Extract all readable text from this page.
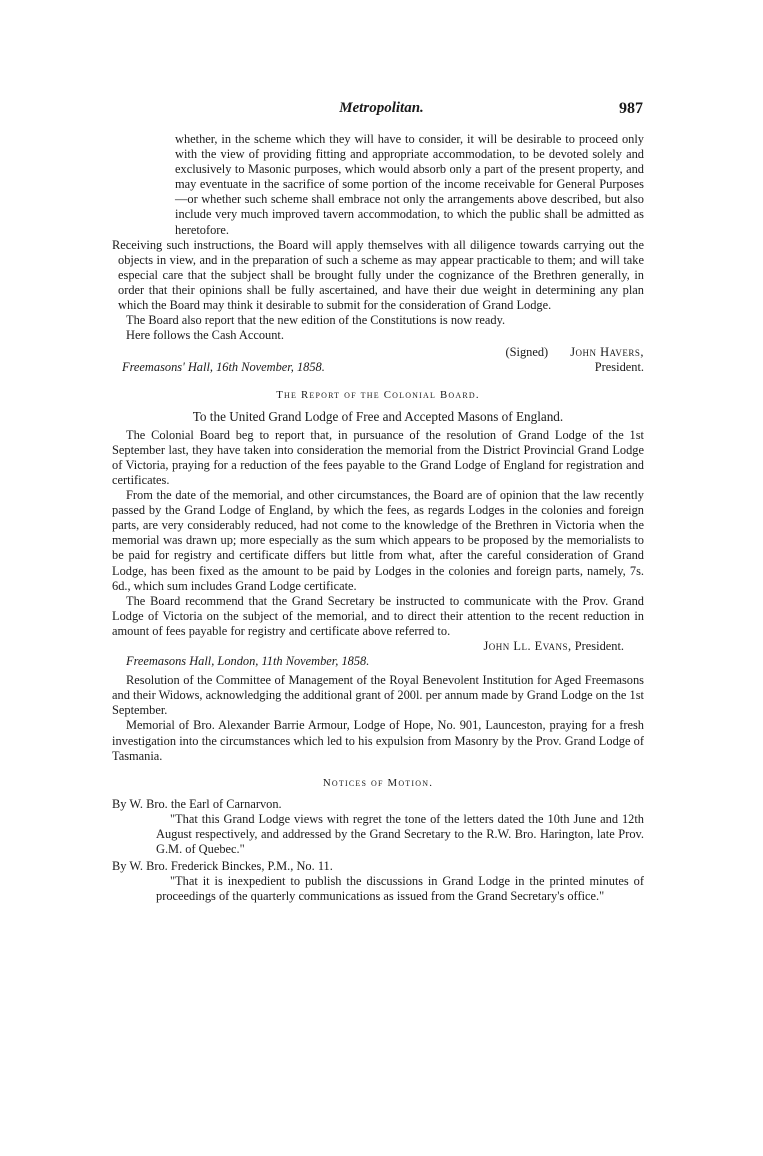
Metropolitan.	987

whether, in the scheme which they will have to consider, it will be desirable to proceed only with the view of providing fitting and appropriate accommodation, to be devoted solely and exclusively to Masonic purposes, which would absorb only a part of the present property, and may eventuate in the sacrifice of some portion of the income receivable for General Purposes—or whether such scheme shall embrace not only the arrangements above described, but also include very much improved tavern accommodation, to which the public shall be admitted as heretofore.

Receiving such instructions, the Board will apply themselves with all diligence towards carrying out the objects in view, and in the preparation of such a scheme as may appear practicable to them; and will take especial care that the subject shall be brought fully under the cognizance of the Brethren generally, in order that their opinions shall be fully ascertained, and have their due weight in determining any plan which the Board may think it desirable to submit for the consideration of Grand Lodge.

The Board also report that the new edition of the Constitutions is now ready.

Here follows the Cash Account.

(Signed) John Havers,
Freemasons' Hall, 16th November, 1858.	President.

The Report of the Colonial Board.

To the United Grand Lodge of Free and Accepted Masons of England.

The Colonial Board beg to report that, in pursuance of the resolution of Grand Lodge of the 1st September last, they have taken into consideration the memorial from the District Provincial Grand Lodge of Victoria, praying for a reduction of the fees payable to the Grand Lodge of England for registration and certificates.

From the date of the memorial, and other circumstances, the Board are of opinion that the law recently passed by the Grand Lodge of England, by which the fees, as regards Lodges in the colonies and foreign parts, are very considerably reduced, had not come to the knowledge of the Brethren in Victoria when the memorial was drawn up; more especially as the sum which appears to be proposed by the memorialists to be paid for registry and certificate differs but little from what, after the careful consideration of Grand Lodge, has been fixed as the amount to be paid by Lodges in the colonies and foreign parts, namely, 7s. 6d., which sum includes Grand Lodge certificate.

The Board recommend that the Grand Secretary be instructed to communicate with the Prov. Grand Lodge of Victoria on the subject of the memorial, and to direct their attention to the recent reduction in amount of fees payable for registry and certificate above referred to.

John Ll. Evans, President.

Freemasons Hall, London, 11th November, 1858.

Resolution of the Committee of Management of the Royal Benevolent Institution for Aged Freemasons and their Widows, acknowledging the additional grant of 200l. per annum made by Grand Lodge on the 1st September.

Memorial of Bro. Alexander Barrie Armour, Lodge of Hope, No. 901, Launceston, praying for a fresh investigation into the circumstances which led to his expulsion from Masonry by the Prov. Grand Lodge of Tasmania.

Notices of Motion.

By W. Bro. the Earl of Carnarvon.

"That this Grand Lodge views with regret the tone of the letters dated the 10th June and 12th August respectively, and addressed by the Grand Secretary to the R.W. Bro. Harington, late Prov. G.M. of Quebec."

By W. Bro. Frederick Binckes, P.M., No. 11.

"That it is inexpedient to publish the discussions in Grand Lodge in the printed minutes of proceedings of the quarterly communications as issued from the Grand Secretary's office."
